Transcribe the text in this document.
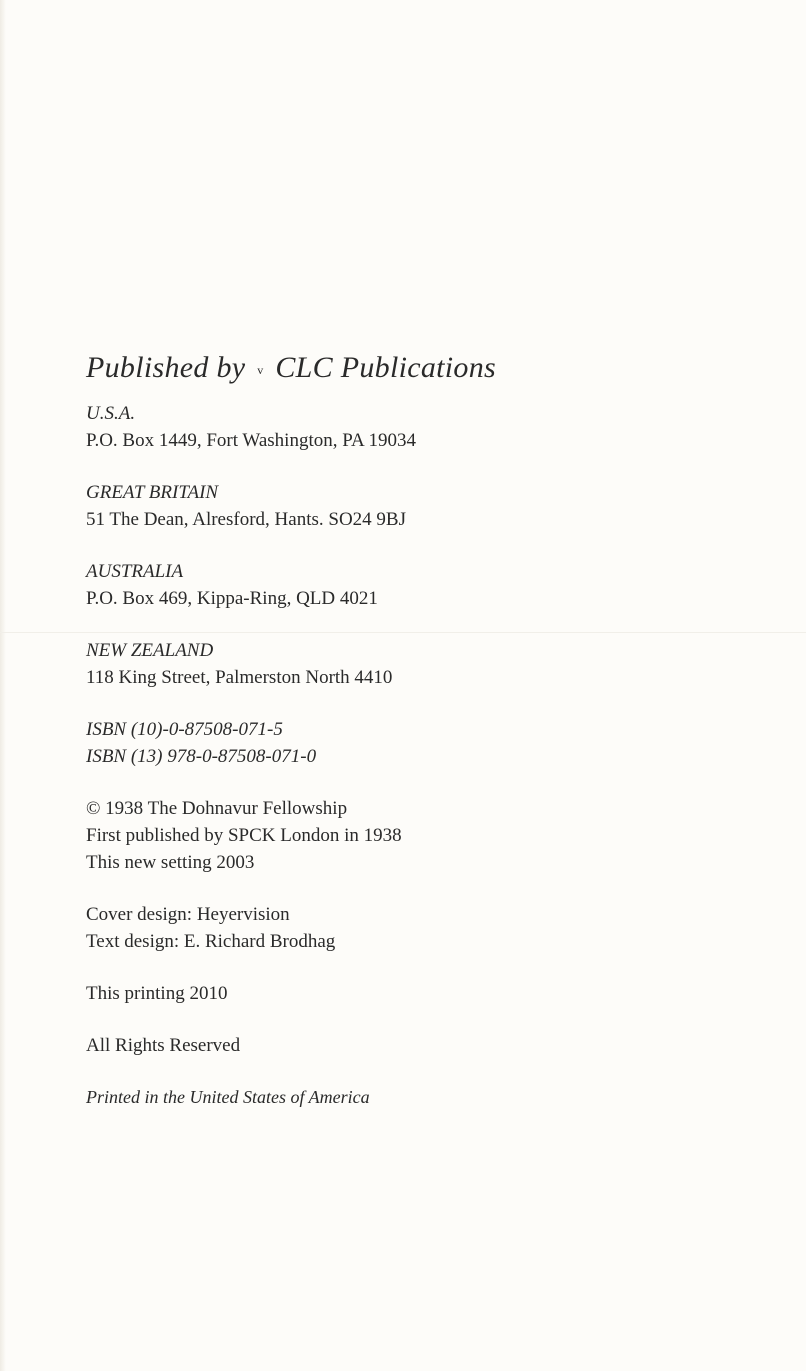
Published by v CLC Publications
U.S.A.
P.O. Box 1449, Fort Washington, PA 19034
GREAT BRITAIN
51 The Dean, Alresford, Hants. SO24 9BJ
AUSTRALIA
P.O. Box 469, Kippa-Ring, QLD 4021
NEW ZEALAND
118 King Street, Palmerston North 4410
ISBN (10)-0-87508-071-5
ISBN (13) 978-0-87508-071-0
© 1938 The Dohnavur Fellowship
First published by SPCK London in 1938
This new setting 2003
Cover design: Heyervision
Text design: E. Richard Brodhag
This printing 2010
All Rights Reserved
Printed in the United States of America
